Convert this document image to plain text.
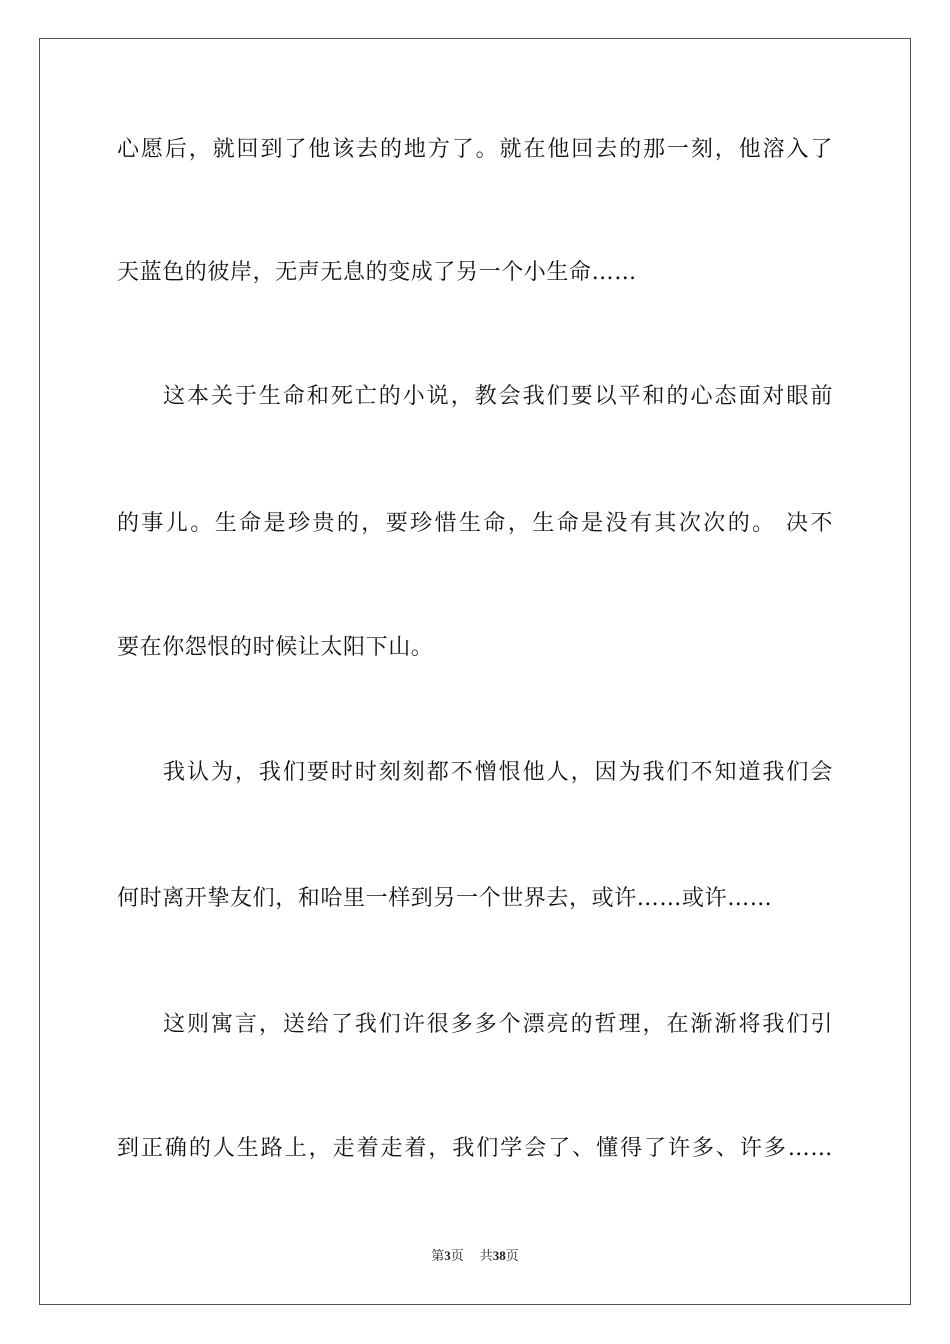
心愿后，就回到了他该去的地方了。就在他回去的那一刻，他溶入了
天蓝色的彼岸，无声无息的变成了另一个小生命……
这本关于生命和死亡的小说，教会我们要以平和的心态面对眼前
的事儿。生命是珍贵的，要珍惜生命，生命是没有其次次的。 决不
要在你怨恨的时候让太阳下山。
我认为，我们要时时刻刻都不憎恨他人，因为我们不知道我们会
何时离开挚友们，和哈里一样到另一个世界去，或许……或许……
这则寓言，送给了我们许很多多个漂亮的哲理，在渐渐将我们引
到正确的人生路上，走着走着，我们学会了、懂得了许多、许多……
第3页 共38页
